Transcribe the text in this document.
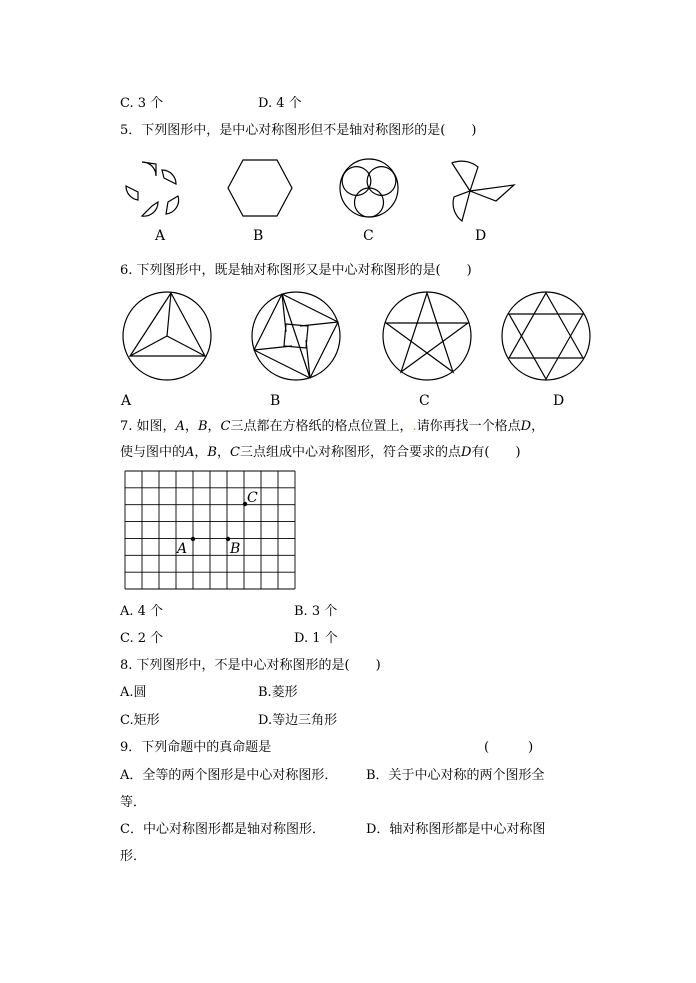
C. 3 个	D. 4 个
5．下列图形中，是中心对称图形但不是轴对称图形的是(　　)
A	B	C	D
6. 下列图形中，既是轴对称图形又是中心对称图形的是(　　)
A	B	C	D
7. 如图，A，B，C三点都在方格纸的格点位置上，.请你再找一个格点D，
使与图中的A，B，C三点组成中心对称图形，符合要求的点D有(　　)
A	B
C
A. 4 个	B. 3 个
C. 2 个	D. 1 个
8. 下列图形中，不是中心对称图形的是(　　)
A.圆	B.菱形
C.矩形	D.等边三角形
9．下列命题中的真命题是	(　　　)
A．全等的两个图形是中心对称图形． B．关于中心对称的两个图形全
等．
C．中心对称图形都是轴对称图形．	D．轴对称图形都是中心对称图
形．
